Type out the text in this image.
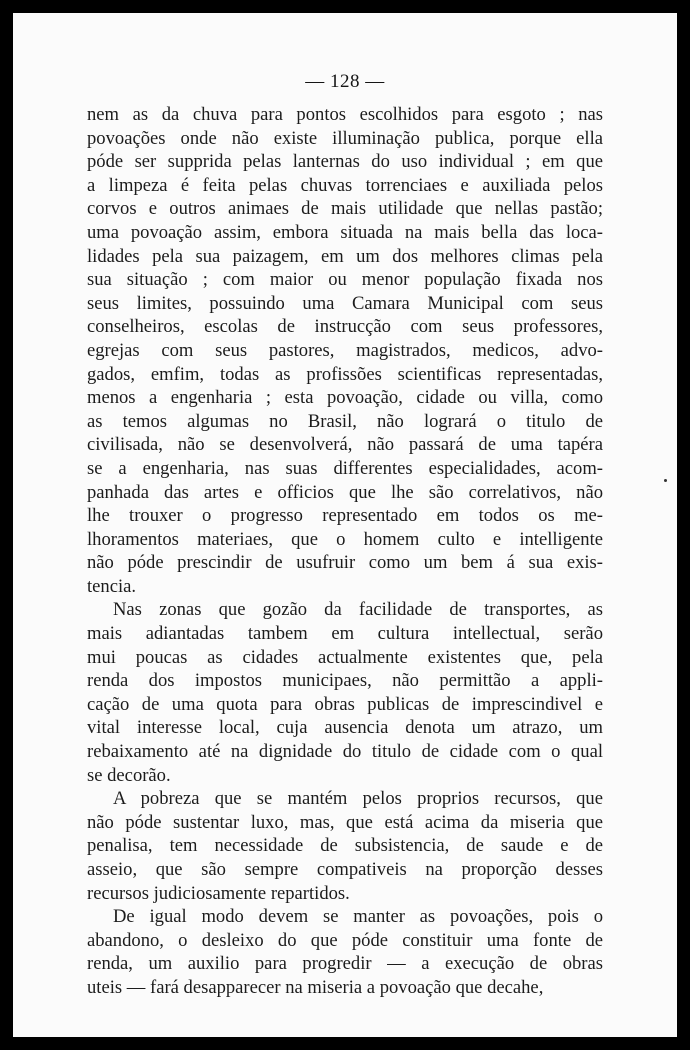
— 128 —
nem as da chuva para pontos escolhidos para esgoto ; nas
povoações onde não existe illuminação publica, porque ella
póde ser supprida pelas lanternas do uso individual ; em que
a limpeza é feita pelas chuvas torrenciaes e auxiliada pelos
corvos e outros animaes de mais utilidade que nellas pastão;
uma povoação assim, embora situada na mais bella das loca-
lidades pela sua paizagem, em um dos melhores climas pela
sua situação ; com maior ou menor população fixada nos
seus limites, possuindo uma Camara Municipal com seus
conselheiros, escolas de instrucção com seus professores,
egrejas com seus pastores, magistrados, medicos, advo-
gados, emfim, todas as profissões scientificas representadas,
menos a engenharia ; esta povoação, cidade ou villa, como
as temos algumas no Brasil, não logrará o titulo de
civilisada, não se desenvolverá, não passará de uma tapéra
se a engenharia, nas suas differentes especialidades, acom-
panhada das artes e officios que lhe são correlativos, não
lhe trouxer o progresso representado em todos os me-
lhoramentos materiaes, que o homem culto e intelligente
não póde prescindir de usufruir como um bem á sua exis-
tencia.
Nas zonas que gozão da facilidade de transportes, as
mais adiantadas tambem em cultura intellectual, serão
mui poucas as cidades actualmente existentes que, pela
renda dos impostos municipaes, não permittão a appli-
cação de uma quota para obras publicas de imprescindivel e
vital interesse local, cuja ausencia denota um atrazo, um
rebaixamento até na dignidade do titulo de cidade com o qual
se decorão.
A pobreza que se mantém pelos proprios recursos, que
não póde sustentar luxo, mas, que está acima da miseria que
penalisa, tem necessidade de subsistencia, de saude e de
asseio, que são sempre compativeis na proporção desses
recursos judiciosamente repartidos.
De igual modo devem se manter as povoações, pois o
abandono, o desleixo do que póde constituir uma fonte de
renda, um auxilio para progredir — a execução de obras
uteis — fará desapparecer na miseria a povoação que decahe,
